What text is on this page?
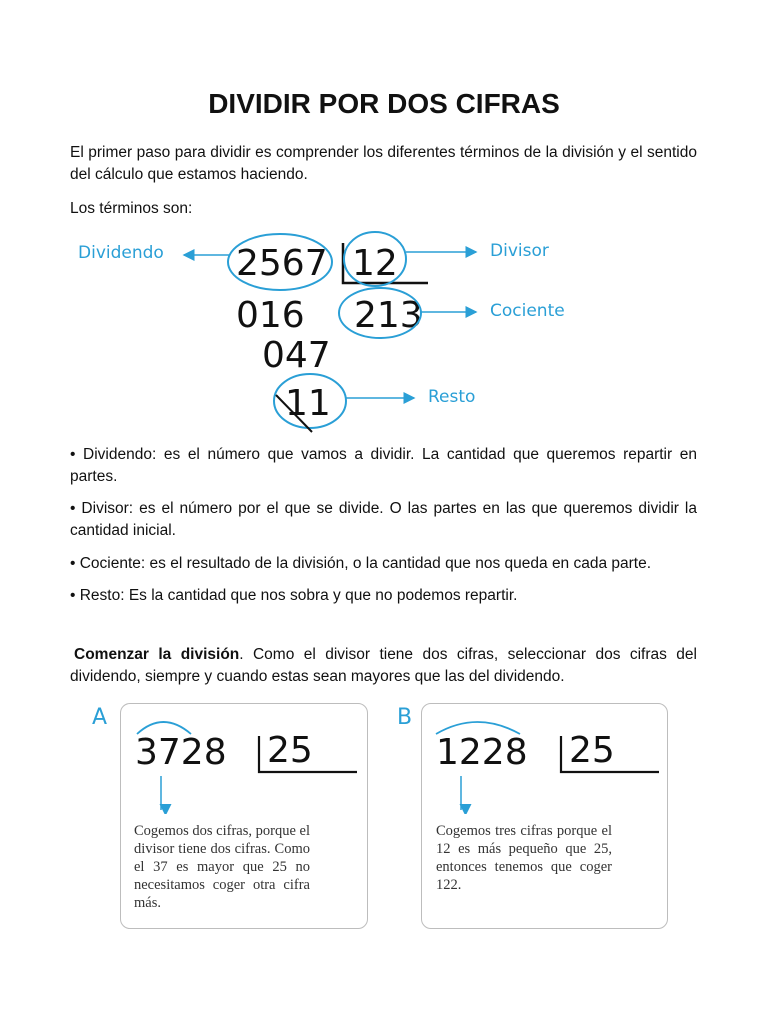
DIVIDIR POR DOS CIFRAS

El primer paso para dividir es comprender los diferentes términos de la división y el sentido del cálculo que estamos haciendo.

Los términos son:

2567 12
016 213
047
11
Dividendo	Divisor
Cociente
Resto

• Dividendo: es el número que vamos a dividir. La cantidad que queremos repartir en partes.

• Divisor: es el número por el que se divide. O las partes en las que queremos dividir la cantidad inicial.

• Cociente: es el resultado de la división, o la cantidad que nos queda en cada parte.

• Resto: Es la cantidad que nos sobra y que no podemos repartir.

Comenzar la división. Como el divisor tiene dos cifras, seleccionar dos cifras del dividendo, siempre y cuando estas sean mayores que las del dividendo.

A
3728 25

Cogemos dos cifras, porque el divisor tiene dos cifras. Como el 37 es mayor que 25 no necesitamos coger otra cifra más.

B
1228 25

Cogemos tres cifras porque el 12 es más pequeño que 25, entonces tenemos que coger 122.
